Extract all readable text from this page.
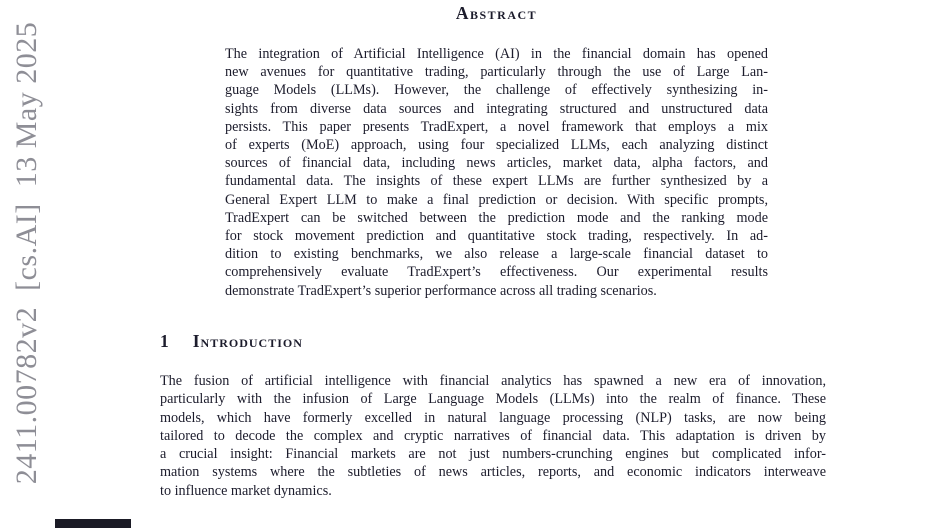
2411.00782v2  [cs.AI]  13 May 2025
Abstract
The integration of Artificial Intelligence (AI) in the financial domain has opened
new avenues for quantitative trading, particularly through the use of Large Lan-
guage Models (LLMs). However, the challenge of effectively synthesizing in-
sights from diverse data sources and integrating structured and unstructured data
persists. This paper presents TradExpert, a novel framework that employs a mix
of experts (MoE) approach, using four specialized LLMs, each analyzing distinct
sources of financial data, including news articles, market data, alpha factors, and
fundamental data. The insights of these expert LLMs are further synthesized by a
General Expert LLM to make a final prediction or decision. With specific prompts,
TradExpert can be switched between the prediction mode and the ranking mode
for stock movement prediction and quantitative stock trading, respectively. In ad-
dition to existing benchmarks, we also release a large-scale financial dataset to
comprehensively evaluate TradExpert’s effectiveness. Our experimental results
demonstrate TradExpert’s superior performance across all trading scenarios.
1 Introduction
The fusion of artificial intelligence with financial analytics has spawned a new era of innovation,
particularly with the infusion of Large Language Models (LLMs) into the realm of finance. These
models, which have formerly excelled in natural language processing (NLP) tasks, are now being
tailored to decode the complex and cryptic narratives of financial data. This adaptation is driven by
a crucial insight: Financial markets are not just numbers-crunching engines but complicated infor-
mation systems where the subtleties of news articles, reports, and economic indicators interweave
to influence market dynamics.
